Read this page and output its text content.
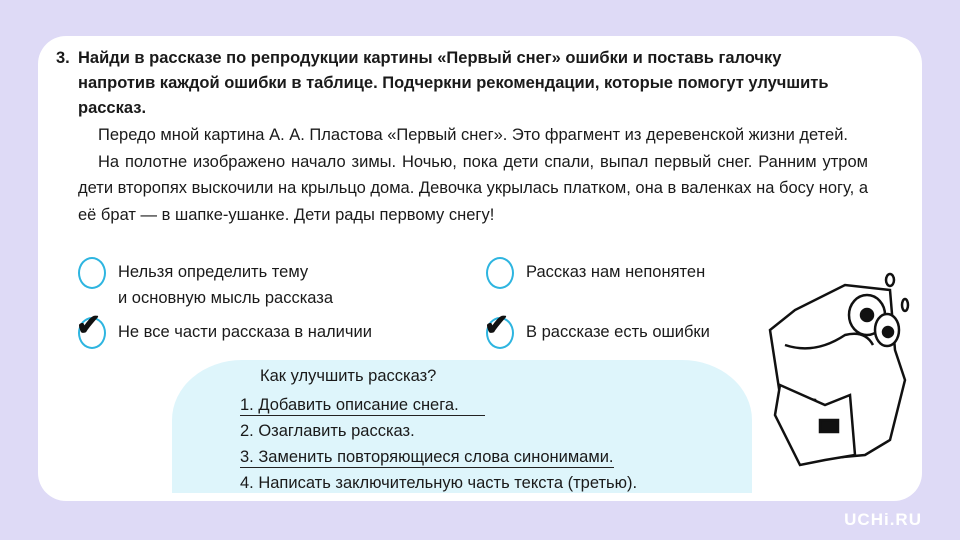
3. Найди в рассказе по репродукции картины «Первый снег» ошибки и поставь галочку напротив каждой ошибки в таблице. Подчеркни рекомендации, которые помогут улучшить рассказ.

Передо мной картина А. А. Пластова «Первый снег». Это фрагмент из деревенской жизни детей.

На полотне изображено начало зимы. Ночью, пока дети спали, выпал первый снег. Ранним утром дети второпях выскочили на крыльцо дома. Девочка укрылась платком, она в валенках на босу ногу, а её брат — в шапке-ушанке. Дети рады первому снегу!

Нельзя определить тему
и основную мысль рассказа
Рассказ нам непонятен
✔ Не все части рассказа в наличии	✔ В рассказе есть ошибки
Как улучшить рассказ?
1. Добавить описание снега.
2. Озаглавить рассказ.
3. Заменить повторяющиеся слова синонимами.
4. Написать заключительную часть текста (третью).
UCHi.RU
